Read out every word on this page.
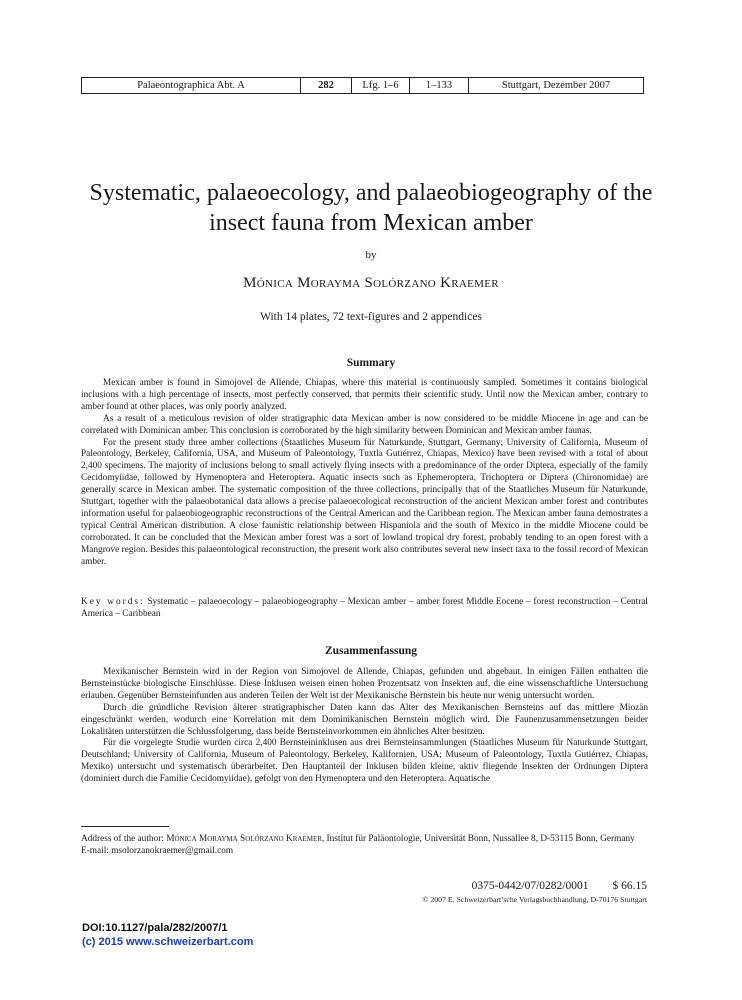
Palaeontographica Abt. A	282	Lfg. 1–6	1–133	Stuttgart, Dezember 2007
Systematic, palaeoecology, and palaeobiogeography of the insect fauna from Mexican amber
by
Mónica Morayma Solórzano Kraemer
With 14 plates, 72 text-figures and 2 appendices
Summary

Mexican amber is found in Simojovel de Allende, Chiapas, where this material is continuously sampled. Sometimes it contains biological inclusions with a high percentage of insects, most perfectly conserved, that permits their scientific study. Until now the Mexican amber, contrary to amber found at other places, was only poorly analyzed.

As a result of a meticulous revision of older stratigraphic data Mexican amber is now considered to be middle Miocene in age and can be correlated with Dominican amber. This conclusion is corroborated by the high similarity between Dominican and Mexican amber faunas.

For the present study three amber collections (Staatliches Museum für Naturkunde, Stuttgart, Germany; University of California, Museum of Paleontology, Berkeley, California, USA, and Museum of Paleontology, Tuxtla Gutiérrez, Chiapas, Mexico) have been revised with a total of about 2,400 specimens. The majority of inclusions belong to small actively flying insects with a predominance of the order Diptera, especially of the family Cecidomyiidae, followed by Hymenoptera and Heteroptera. Aquatic insects such as Ephemeroptera, Trichoptera or Diptera (Chironomidae) are generally scarce in Mexican amber. The systematic composition of the three collections, principally that of the Staatliches Museum für Naturkunde, Stuttgart, together with the palaeobotanical data allows a precise palaeoecological reconstruction of the ancient Mexican amber forest and contributes information useful for palaeobiogeographic reconstructions of the Central American and the Caribbean region. The Mexican amber fauna demostrates a typical Central American distribution. A close faunistic relationship between Hispaniola and the south of Mexico in the middle Miocene could be corroborated. It can be concluded that the Mexican amber forest was a sort of lowland tropical dry forest, probably tending to an open forest with a Mangrove region. Besides this palaeontological reconstruction, the present work also contributes several new insect taxa to the fossil record of Mexican amber.

Key words: Systematic – palaeoecology – palaeobiogeography – Mexican amber – amber forest Middle Eocene – forest reconstruction – Central America – Caribbean
Zusammenfassung

Mexikanischer Bernstein wird in der Region von Simojovel de Allende, Chiapas, gefunden und abgebaut. In einigen Fällen enthalten die Bernsteinstücke biologische Einschlüsse. Diese Inklusen weisen einen hohen Prozentsatz von Insekten auf, die eine wissenschaftliche Untersuchung erlauben. Gegenüber Bernsteinfunden aus anderen Teilen der Welt ist der Mexikanische Bernstein bis heute nur wenig untersucht worden.

Durch die gründliche Revision älterer stratigraphischer Daten kann das Alter des Mexikanischen Bernsteins auf das mittlere Miozän eingeschränkt werden, wodurch eine Korrelation mit dem Dominikanischen Bernstein möglich wird. Die Faunenzusammensetzungen beider Lokalitäten unterstützen die Schlussfolgerung, dass beide Bernsteinvorkommen ein ähnliches Alter besitzen.

Für die vorgelegte Studie wurden circa 2,400 Bernsteininklusen aus drei Bernsteinsammlungen (Staatliches Museum für Naturkunde Stuttgart, Deutschland; University of California, Museum of Paleontology, Berkeley, Kalifornien, USA; Museum of Paleontology, Tuxtla Gutiérrez, Chiapas, Mexiko) untersucht und systematisch überarbeitet. Den Hauptanteil der Inklusen bilden kleine, aktiv fliegende Insekten der Ordnungen Diptera (dominiert durch die Familie Cecidomyiidae), gefolgt von den Hymenoptera und den Heteroptera. Aquatische

Address of the author: Mónica Morayma Solórzano Kraemer, Institut für Paläontologie, Universität Bonn, Nussallee 8, D-53115 Bonn, Germany
E-mail: msolorzanokraemer@gmail.com
0375-0442/07/0282/0001 $ 66.15
© 2007 E. Schweizerbart’sche Verlagsbuchhandlung, D-70176 Stuttgart
DOI:10.1127/pala/282/2007/1
(c) 2015 www.schweizerbart.com
